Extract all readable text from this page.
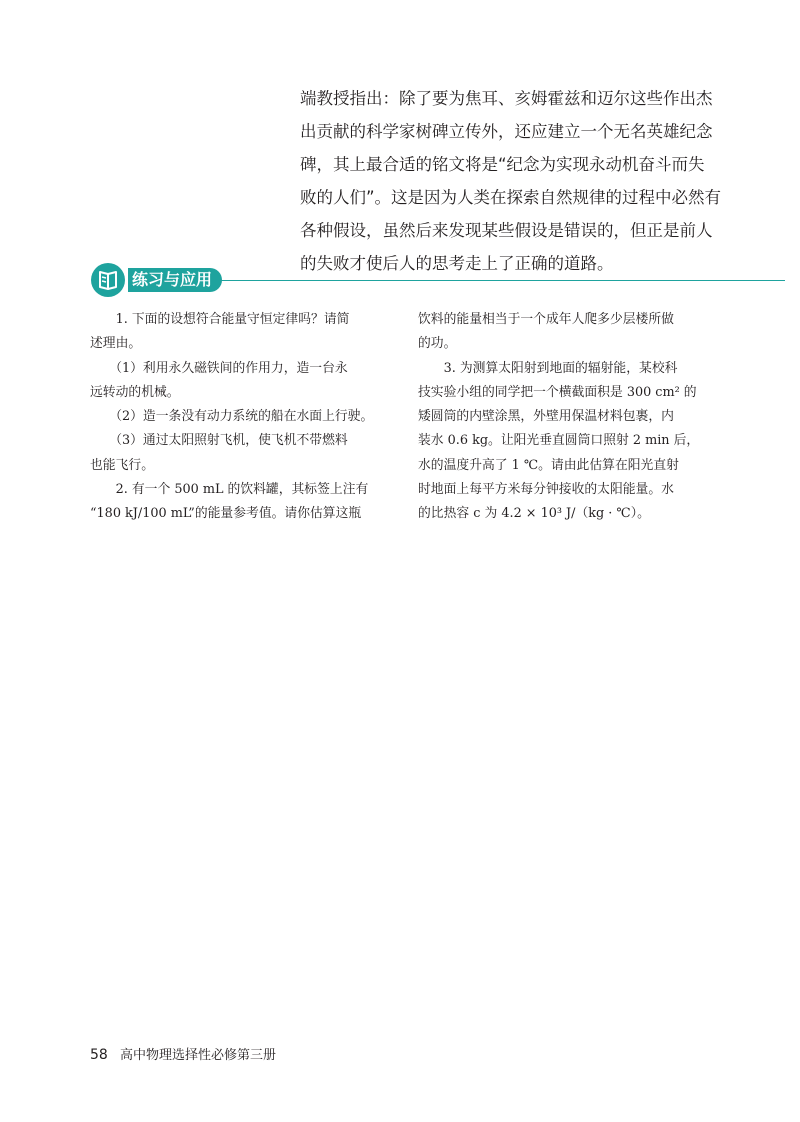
端教授指出：除了要为焦耳、亥姆霍兹和迈尔这些作出杰
出贡献的科学家树碑立传外，还应建立一个无名英雄纪念
碑，其上最合适的铭文将是“纪念为实现永动机奋斗而失
败的人们”。这是因为人类在探索自然规律的过程中必然有
各种假设，虽然后来发现某些假设是错误的，但正是前人
的失败才使后人的思考走上了正确的道路。
练习与应用
　　1. 下面的设想符合能量守恒定律吗？请简
述理由。
　　（1）利用永久磁铁间的作用力，造一台永
远转动的机械。
　　（2）造一条没有动力系统的船在水面上行驶。
　　（3）通过太阳照射飞机，使飞机不带燃料
也能飞行。
　　2. 有一个 500 mL 的饮料罐，其标签上注有
“180 kJ/100 mL”的能量参考值。请你估算这瓶
饮料的能量相当于一个成年人爬多少层楼所做
的功。
　　3. 为测算太阳射到地面的辐射能，某校科
技实验小组的同学把一个横截面积是 300 cm² 的
矮圆筒的内壁涂黑，外壁用保温材料包裹，内
装水 0.6 kg。让阳光垂直圆筒口照射 2 min 后，
水的温度升高了 1 ℃。请由此估算在阳光直射
时地面上每平方米每分钟接收的太阳能量。水
的比热容 c 为 4.2 × 10³ J/（kg · ℃）。
58 高中物理选择性必修第三册
